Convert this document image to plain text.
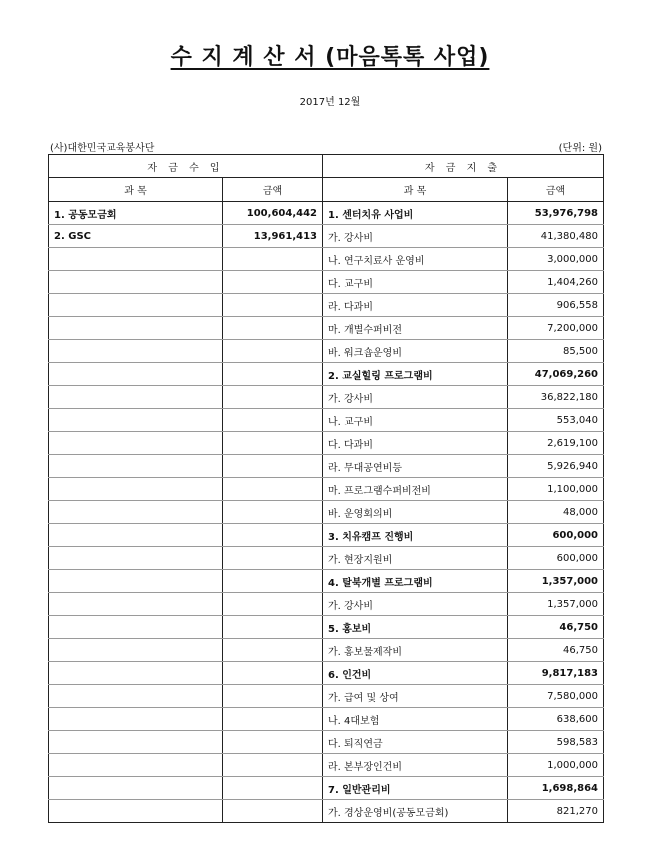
수 지 계 산 서 (마음톡톡 사업)
2017년 12월
(사)대한민국교육봉사단	(단위: 원)
자 금 수 입		자 금 지 출	
과 목	금액	과 목	금액
1. 공동모금회	100,604,442	1. 센터치유 사업비	53,976,798
2. GSC	13,961,413	가. 강사비	41,380,480
		나. 연구치료사 운영비	3,000,000
		다. 교구비	1,404,260
		라. 다과비	906,558
		마. 개별수퍼비전	7,200,000
		바. 워크숍운영비	85,500
		2. 교실힐링 프로그램비	47,069,260
		가. 강사비	36,822,180
		나. 교구비	553,040
		다. 다과비	2,619,100
		라. 무대공연비등	5,926,940
		마. 프로그램수퍼비전비	1,100,000
		바. 운영회의비	48,000
		3. 치유캠프 진행비	600,000
		가. 현장지원비	600,000
		4. 탈북개별 프로그램비	1,357,000
		가. 강사비	1,357,000
		5. 홍보비	46,750
		가. 홍보물제작비	46,750
		6. 인건비	9,817,183
		가. 급여 및 상여	7,580,000
		나. 4대보험	638,600
		다. 퇴직연금	598,583
		라. 본부장인건비	1,000,000
		7. 일반관리비	1,698,864
		가. 경상운영비(공동모금회)	821,270
